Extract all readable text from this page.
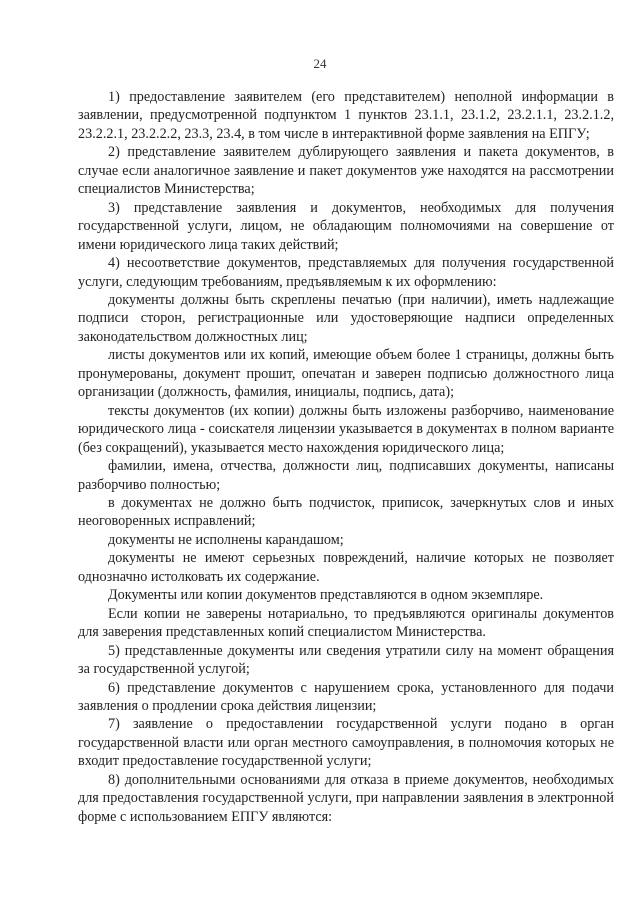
24

1) предоставление заявителем (его представителем) неполной информации в заявлении, предусмотренной подпунктом 1 пунктов 23.1.1, 23.1.2, 23.2.1.1, 23.2.1.2, 23.2.2.1, 23.2.2.2, 23.3, 23.4, в том числе в интерактивной форме заявления на ЕПГУ;

2) представление заявителем дублирующего заявления и пакета документов, в случае если аналогичное заявление и пакет документов уже находятся на рассмотрении специалистов Министерства;

3) представление заявления и документов, необходимых для получения государственной услуги, лицом, не обладающим полномочиями на совершение от имени юридического лица таких действий;

4) несоответствие документов, представляемых для получения государственной услуги, следующим требованиям, предъявляемым к их оформлению:

документы должны быть скреплены печатью (при наличии), иметь надлежащие подписи сторон, регистрационные или удостоверяющие надписи определенных законодательством должностных лиц;

листы документов или их копий, имеющие объем более 1 страницы, должны быть пронумерованы, документ прошит, опечатан и заверен подписью должностного лица организации (должность, фамилия, инициалы, подпись, дата);

тексты документов (их копии) должны быть изложены разборчиво, наименование юридического лица - соискателя лицензии указывается в документах в полном варианте (без сокращений), указывается место нахождения юридического лица;

фамилии, имена, отчества, должности лиц, подписавших документы, написаны разборчиво полностью;

в документах не должно быть подчисток, приписок, зачеркнутых слов и иных неоговоренных исправлений;

документы не исполнены карандашом;

документы не имеют серьезных повреждений, наличие которых не позволяет однозначно истолковать их содержание.

Документы или копии документов представляются в одном экземпляре.

Если копии не заверены нотариально, то предъявляются оригиналы документов для заверения представленных копий специалистом Министерства.

5) представленные документы или сведения утратили силу на момент обращения за государственной услугой;

6) представление документов с нарушением срока, установленного для подачи заявления о продлении срока действия лицензии;

7) заявление о предоставлении государственной услуги подано в орган государственной власти или орган местного самоуправления, в полномочия которых не входит предоставление государственной услуги;

8) дополнительными основаниями для отказа в приеме документов, необходимых для предоставления государственной услуги, при направлении заявления в электронной форме с использованием ЕПГУ являются:
